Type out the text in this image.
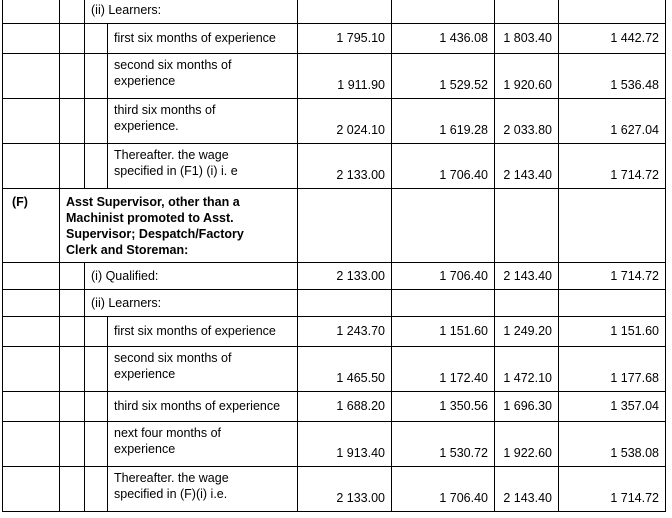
(ii) Learners:
first six months of experience	1 795.10	1 436.08	1 803.40	1 442.72
second six months of
experience	1 911.90	1 529.52	1 920.60	1 536.48
third six months of
experience.	2 024.10	1 619.28	2 033.80	1 627.04
Thereafter. the wage
specified in (F1) (i) i. e	2 133.00	1 706.40	2 143.40	1 714.72
(F)	Asst Supervisor, other than a
Machinist promoted to Asst.
Supervisor; Despatch/Factory
Clerk and Storeman:
(i) Qualified:	2 133.00	1 706.40	2 143.40	1 714.72
(ii) Learners:
first six months of experience	1 243.70	1 151.60	1 249.20	1 151.60
second six months of
experience	1 465.50	1 172.40	1 472.10	1 177.68
third six months of experience	1 688.20	1 350.56	1 696.30	1 357.04
next four months of
experience	1 913.40	1 530.72	1 922.60	1 538.08
Thereafter. the wage
specified in (F)(i) i.e.	2 133.00	1 706.40	2 143.40	1 714.72
